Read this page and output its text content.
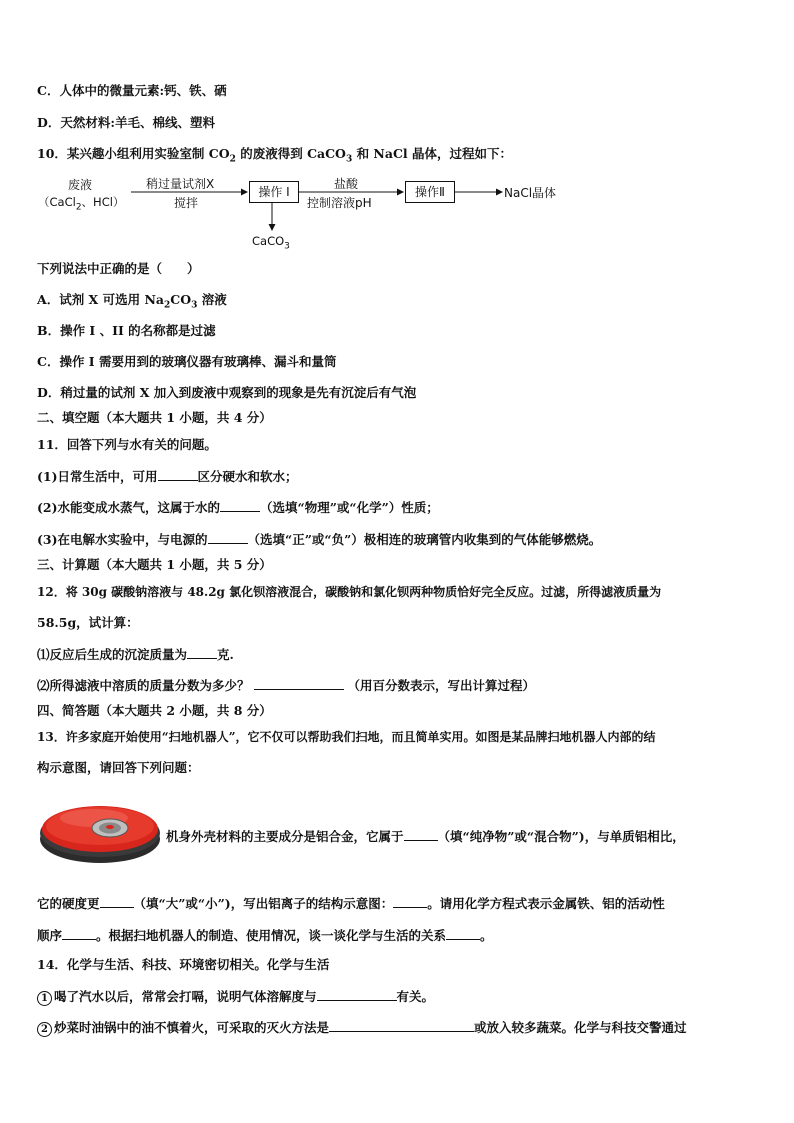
C．人体中的微量元素:钙、铁、硒
D．天然材料:羊毛、棉线、塑料
10．某兴趣小组利用实验室制 $CO_2$ 的废液得到 CaCO$_3$ 和 NaCl 晶体，过程如下：
废液
（CaCl$_2$、HCl）
稍过量试剂X
搅拌
操作 I
盐酸
控制溶液pH
操作Ⅱ	NaCl晶体
CaCO$_3$
下列说法中正确的是（　　）
A．试剂 X 可选用 $Na_2CO_3$ 溶液
B．操作 I 、II 的名称都是过滤
C．操作 I 需要用到的玻璃仪器有玻璃棒、漏斗和量筒
D．稍过量的试剂 X 加入到废液中观察到的现象是先有沉淀后有气泡
二、填空题（本大题共 1 小题，共 4 分）
11．回答下列与水有关的问题。
(1)日常生活中，可用	区分硬水和软水；
(2)水能变成水蒸气，这属于水的	（选填“物理”或“化学”）性质；
(3)在电解水实验中，与电源的	（选填“正”或“负”）极相连的玻璃管内收集到的气体能够燃烧。
三、计算题（本大题共 1 小题，共 5 分）
12．将 30g 碳酸钠溶液与 48.2g 氯化钡溶液混合，碳酸钠和氯化钡两种物质恰好完全反应。过滤，所得滤液质量为
58.5g，试计算：
⑴反应后生成的沉淀质量为 克.
⑵所得滤液中溶质的质量分数为多少？	（用百分数表示，写出计算过程）
四、简答题（本大题共 2 小题，共 8 分）
13．许多家庭开始使用“扫地机器人”，它不仅可以帮助我们扫地，而且简单实用。如图是某品牌扫地机器人内部的结
构示意图，请回答下列问题：
机身外壳材料的主要成分是铝合金，它属于	（填“纯净物”或“混合物”)，与单质铝相比，
它的硬度更	（填“大”或“小”)，写出铝离子的结构示意图：	。请用化学方程式表示金属铁、铝的活动性
顺序	。根据扫地机器人的制造、使用情况，谈一谈化学与生活的关系	。
14．化学与生活、科技、环境密切相关。化学与生活
1 喝了汽水以后，常常会打嗝，说明气体溶解度与	有关。
2 炒菜时油锅中的油不慎着火，可采取的灭火方法是	或放入较多蔬菜。化学与科技交警通过
